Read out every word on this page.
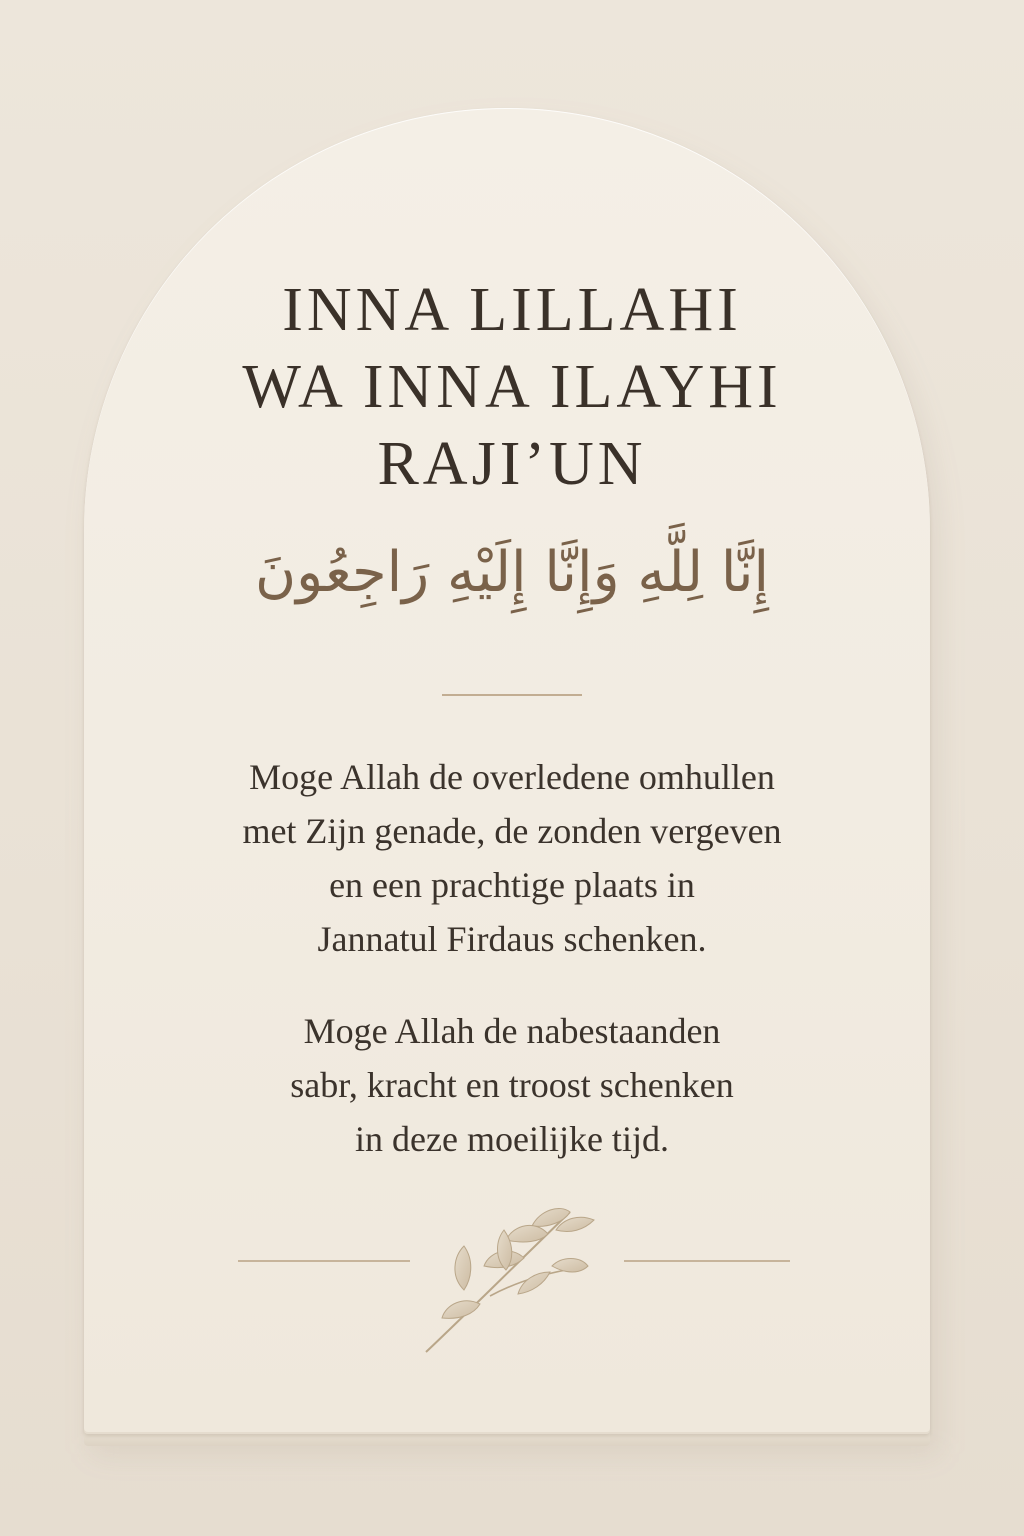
INNA LILLAHI
WA INNA ILAYHI
RAJI’UN
إِنَّا لِلَّهِ وَإِنَّا إِلَيْهِ رَاجِعُونَ

Moge Allah de overledene omhullen
met Zijn genade, de zonden vergeven
en een prachtige plaats in
Jannatul Firdaus schenken.

Moge Allah de nabestaanden
sabr, kracht en troost schenken
in deze moeilijke tijd.
